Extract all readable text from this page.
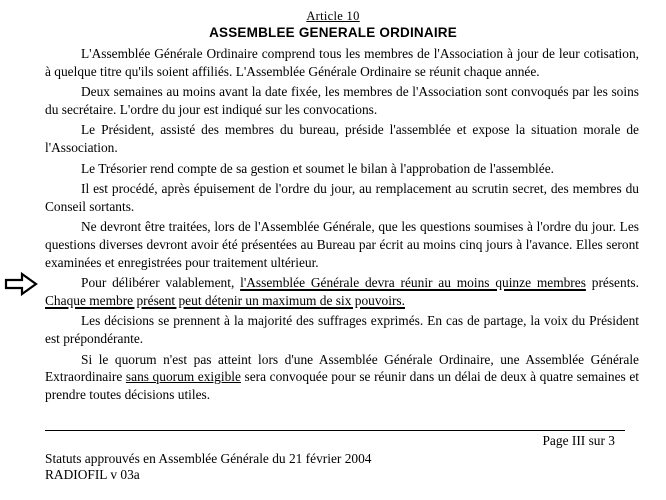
Article 10
ASSEMBLEE GENERALE ORDINAIRE

L'Assemblée Générale Ordinaire comprend tous les membres de l'Association à jour de leur cotisation, à quelque titre qu'ils soient affiliés. L'Assemblée Générale Ordinaire se réunit chaque année.

Deux semaines au moins avant la date fixée, les membres de l'Association sont convoqués par les soins du secrétaire. L'ordre du jour est indiqué sur les convocations.

Le Président, assisté des membres du bureau, préside l'assemblée et expose la situation morale de l'Association.

Le Trésorier rend compte de sa gestion et soumet le bilan à l'approbation de l'assemblée.

Il est procédé, après épuisement de l'ordre du jour, au remplacement au scrutin secret, des membres du Conseil sortants.

Ne devront être traitées, lors de l'Assemblée Générale, que les questions soumises à l'ordre du jour. Les questions diverses devront avoir été présentées au Bureau par écrit au moins cinq jours à l'avance. Elles seront examinées et enregistrées pour traitement ultérieur.

Pour délibérer valablement, l'Assemblée Générale devra réunir au moins quinze membres présents. Chaque membre présent peut détenir un maximum de six pouvoirs.

Les décisions se prennent à la majorité des suffrages exprimés. En cas de partage, la voix du Président est prépondérante.

Si le quorum n'est pas atteint lors d'une Assemblée Générale Ordinaire, une Assemblée Générale Extraordinaire sans quorum exigible sera convoquée pour se réunir dans un délai de deux à quatre semaines et prendre toutes décisions utiles.

Page III sur 3
Statuts approuvés en Assemblée Générale du 21 février 2004
RADIOFIL v 03a
